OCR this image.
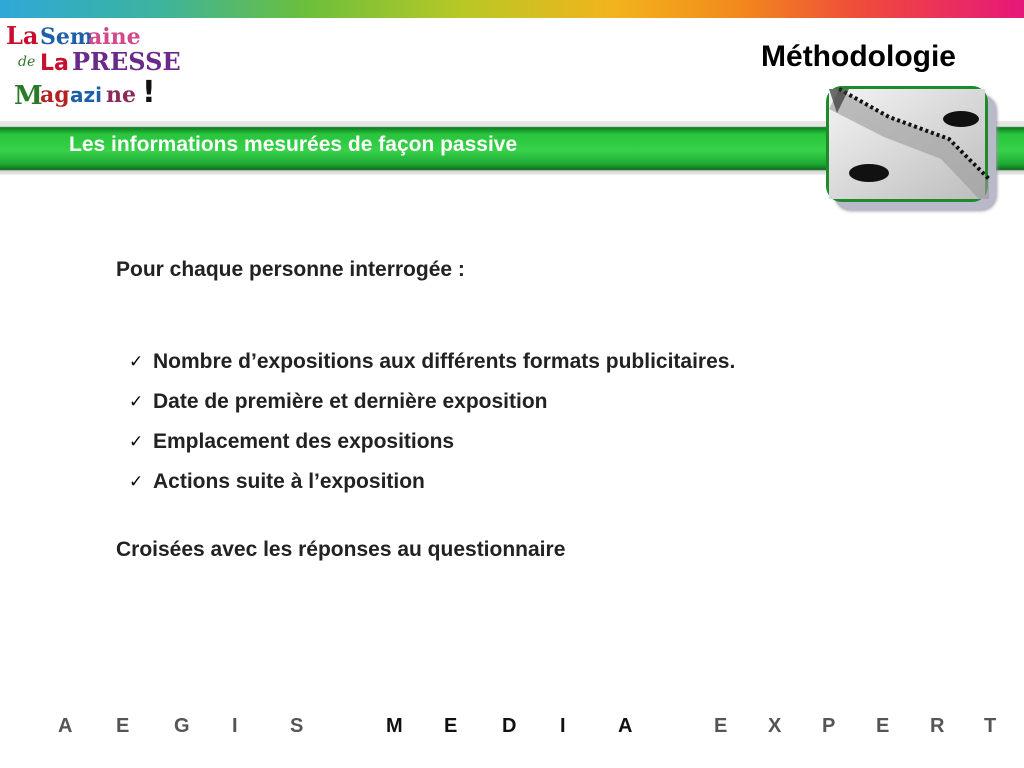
La Sem
aine
de La PRESSE
M
ag azi ne !
Méthodologie
Les informations mesurées de façon passive

Pour chaque personne interrogée :

✓ Nombre d’expositions aux différents formats publicitaires.
✓ Date de première et dernière exposition
✓ Emplacement des expositions
✓ Actions suite à l’exposition

Croisées avec les réponses au questionnaire

A E G I	S	M E D I	A	E X P E R T
